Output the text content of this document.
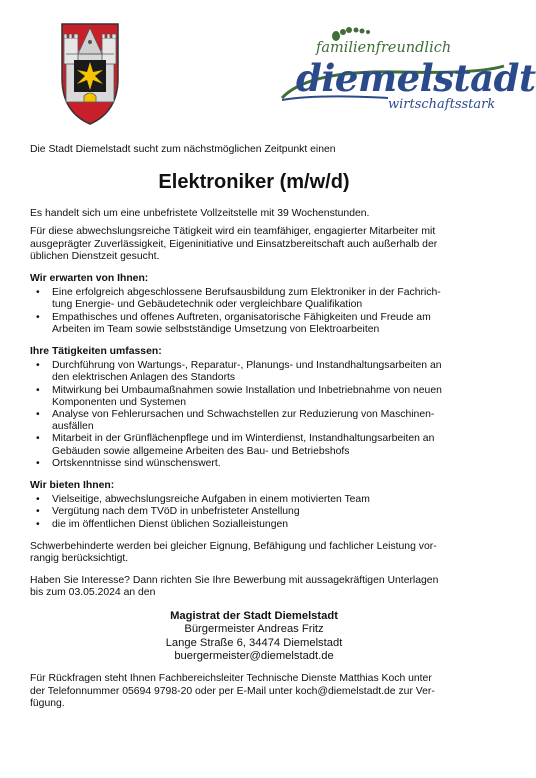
familienfreundlich
diemelstadt
wirtschaftsstark

Die Stadt Diemelstadt sucht zum nächstmöglichen Zeitpunkt einen

Elektroniker (m/w/d)

Es handelt sich um eine unbefristete Vollzeitstelle mit 39 Wochenstunden.

Für diese abwechslungsreiche Tätigkeit wird ein teamfähiger, engagierter Mitarbeiter mit

ausgeprägter Zuverlässigkeit, Eigeninitiative und Einsatzbereitschaft auch außerhalb der

üblichen Dienstzeit gesucht.

Wir erwarten von Ihnen:

• Eine erfolgreich abgeschlossene Berufsausbildung zum Elektroniker in der Fachrich-

tung Energie- und Gebäudetechnik oder vergleichbare Qualifikation

• Empathisches und offenes Auftreten, organisatorische Fähigkeiten und Freude am

Arbeiten im Team sowie selbstständige Umsetzung von Elektroarbeiten

Ihre Tätigkeiten umfassen:

• Durchführung von Wartungs-, Reparatur-, Planungs- und Instandhaltungsarbeiten an

den elektrischen Anlagen des Standorts

• Mitwirkung bei Umbaumaßnahmen sowie Installation und Inbetriebnahme von neuen

Komponenten und Systemen

• Analyse von Fehlerursachen und Schwachstellen zur Reduzierung von Maschinen-

ausfällen

• Mitarbeit in der Grünflächenpflege und im Winterdienst, Instandhaltungsarbeiten an

Gebäuden sowie allgemeine Arbeiten des Bau- und Betriebshofs

• Ortskenntnisse sind wünschenswert.

Wir bieten Ihnen:

• Vielseitige, abwechslungsreiche Aufgaben in einem motivierten Team

• Vergütung nach dem TVöD in unbefristeter Anstellung

• die im öffentlichen Dienst üblichen Sozialleistungen

Schwerbehinderte werden bei gleicher Eignung, Befähigung und fachlicher Leistung vor-

rangig berücksichtigt.

Haben Sie Interesse? Dann richten Sie Ihre Bewerbung mit aussagekräftigen Unterlagen

bis zum 03.05.2024 an den

Magistrat der Stadt Diemelstadt
Bürgermeister Andreas Fritz
Lange Straße 6, 34474 Diemelstadt
buergermeister@diemelstadt.de

Für Rückfragen steht Ihnen Fachbereichsleiter Technische Dienste Matthias Koch unter

der Telefonnummer 05694 9798-20 oder per E-Mail unter koch@diemelstadt.de zur Ver-

fügung.
